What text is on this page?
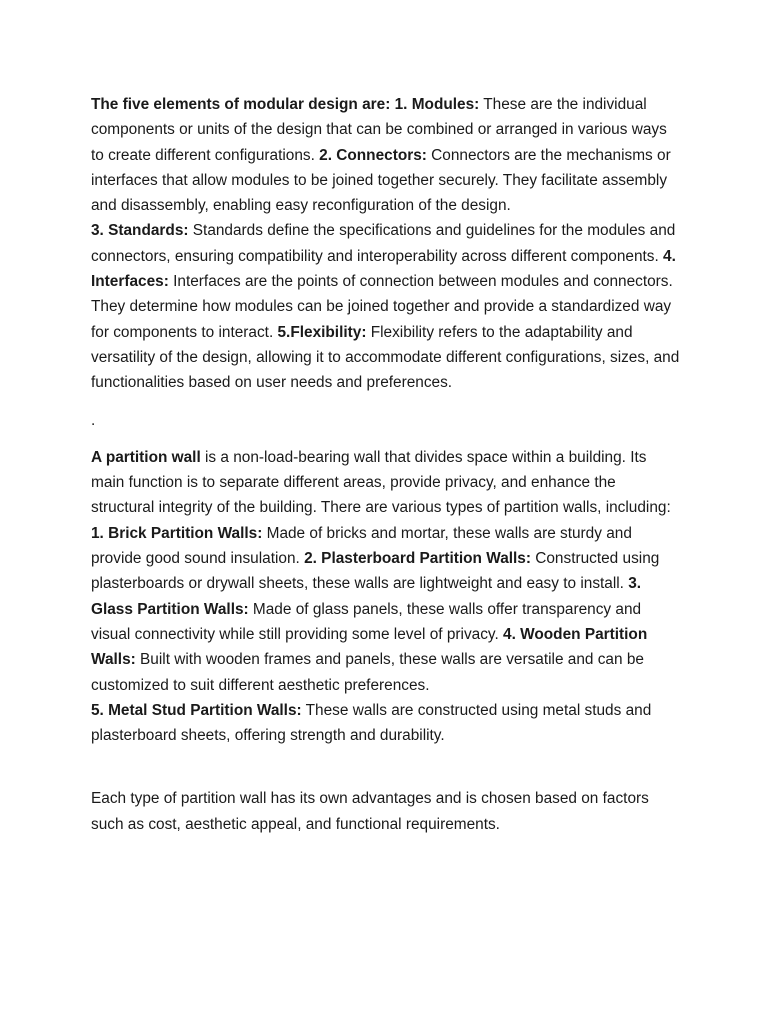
The five elements of modular design are: 1. Modules: These are the individual components or units of the design that can be combined or arranged in various ways to create different configurations. 2. Connectors: Connectors are the mechanisms or interfaces that allow modules to be joined together securely. They facilitate assembly and disassembly, enabling easy reconfiguration of the design.
3. Standards: Standards define the specifications and guidelines for the modules and connectors, ensuring compatibility and interoperability across different components. 4. Interfaces: Interfaces are the points of connection between modules and connectors. They determine how modules can be joined together and provide a standardized way for components to interact. 5.Flexibility: Flexibility refers to the adaptability and versatility of the design, allowing it to accommodate different configurations, sizes, and functionalities based on user needs and preferences.

.

A partition wall is a non-load-bearing wall that divides space within a building. Its main function is to separate different areas, provide privacy, and enhance the structural integrity of the building. There are various types of partition walls, including: 1. Brick Partition Walls: Made of bricks and mortar, these walls are sturdy and provide good sound insulation. 2. Plasterboard Partition Walls: Constructed using plasterboards or drywall sheets, these walls are lightweight and easy to install. 3. Glass Partition Walls: Made of glass panels, these walls offer transparency and visual connectivity while still providing some level of privacy. 4. Wooden Partition Walls: Built with wooden frames and panels, these walls are versatile and can be customized to suit different aesthetic preferences.
5. Metal Stud Partition Walls: These walls are constructed using metal studs and plasterboard sheets, offering strength and durability.

Each type of partition wall has its own advantages and is chosen based on factors such as cost, aesthetic appeal, and functional requirements.
